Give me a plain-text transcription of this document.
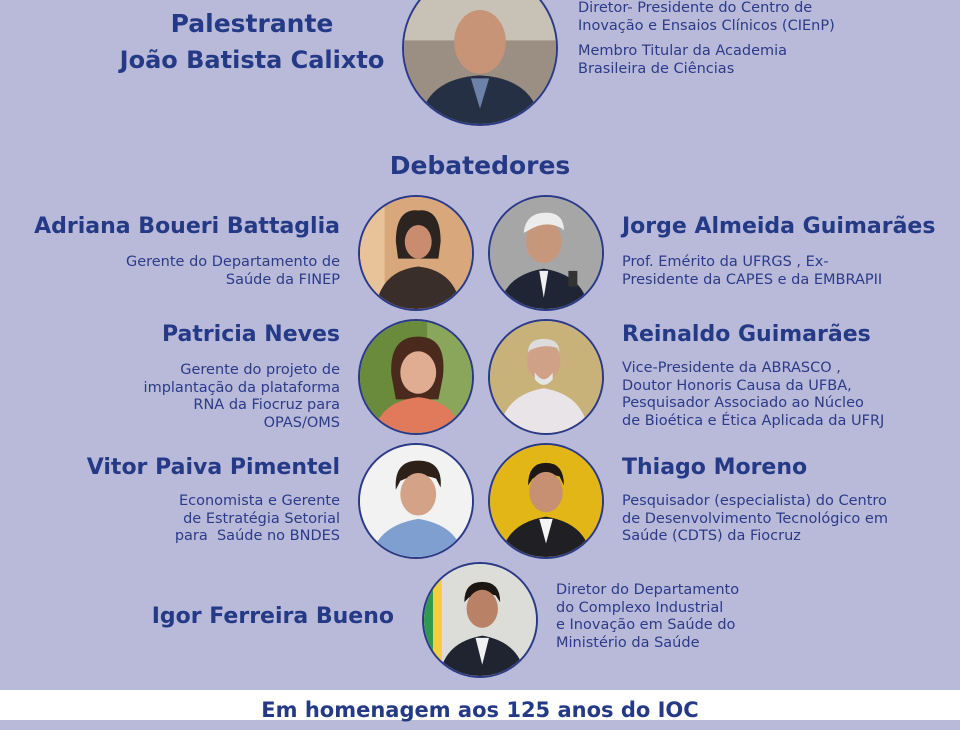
Palestrante
João Batista Calixto
Diretor- Presidente do Centro de
Inovação e Ensaios Clínicos (CIEnP)
Membro Titular da Academia
Brasileira de Ciências
Debatedores
Adriana Boueri Battaglia
Gerente do Departamento de
Saúde da FINEP
Jorge Almeida Guimarães
Prof. Emérito da UFRGS , Ex-
Presidente da CAPES e da EMBRAPII
Patricia Neves
Gerente do projeto de
implantação da plataforma
RNA da Fiocruz para
OPAS/OMS
Reinaldo Guimarães
Vice-Presidente da ABRASCO ,
Doutor Honoris Causa da UFBA,
Pesquisador Associado ao Núcleo
de Bioética e Ética Aplicada da UFRJ
Vitor Paiva Pimentel
Economista e Gerente
de Estratégia Setorial
para  Saúde no BNDES
Thiago Moreno
Pesquisador (especialista) do Centro
de Desenvolvimento Tecnológico em
Saúde (CDTS) da Fiocruz
Igor Ferreira Bueno
Diretor do Departamento
do Complexo Industrial
e Inovação em Saúde do
Ministério da Saúde
Em homenagem aos 125 anos do IOC
